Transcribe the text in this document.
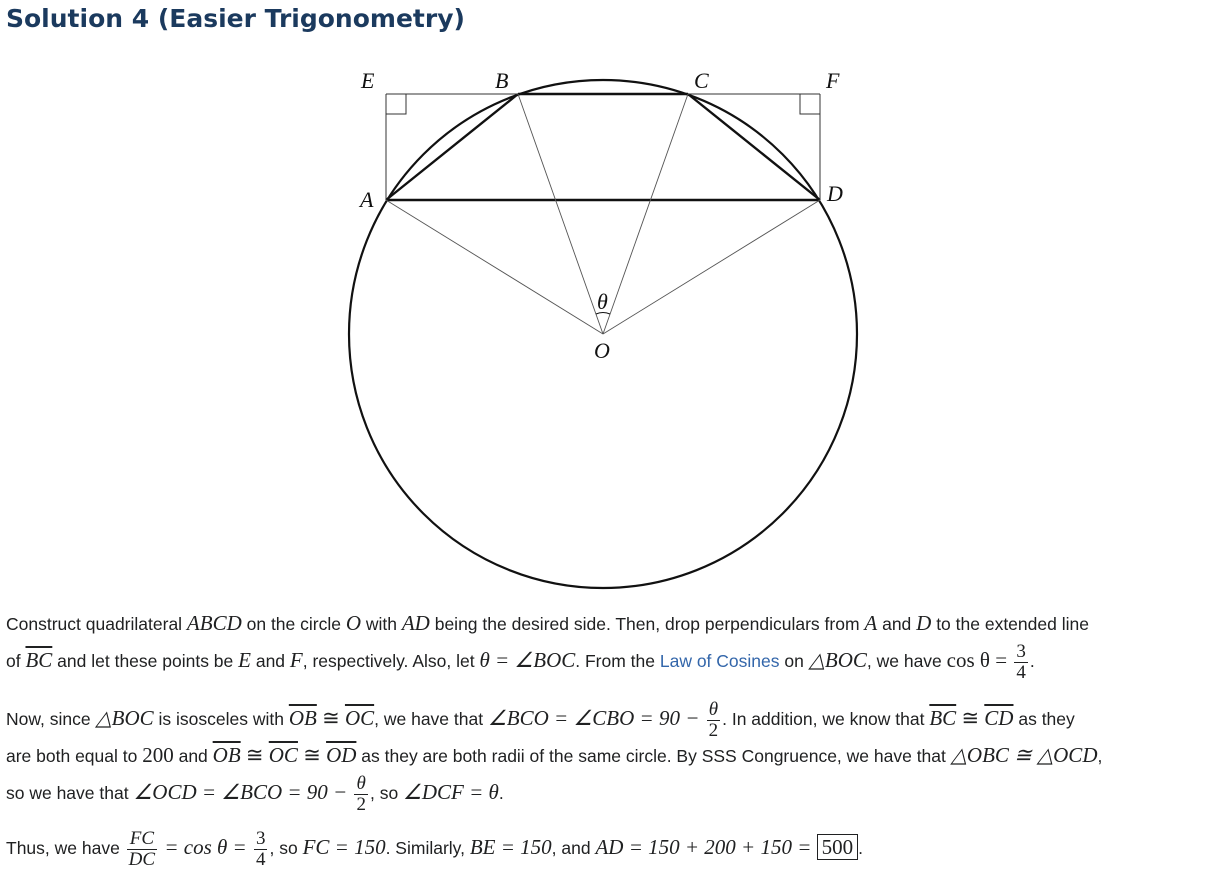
Solution 4 (Easier Trigonometry)
E	B	C	F
A	D
θ
O

Construct quadrilateral ABCD on the circle O with AD being the desired side. Then, drop perpendiculars from A and D to the extended line

of $\overline{BC}$ and let these points be E and F, respectively. Also, let θ = ∠BOC. From the Law of Cosines on △BOC, we have $\cos \theta = \frac{3}{4}$ .

Now, since △BOC is isosceles with $\overline{OB}$ ≅ $\overline{OC}$, we have that ∠BCO = ∠CBO = $90 - \frac{\theta}{2}$ . In addition, we know that $\overline{BC}$ ≅ $\overline{CD}$ as they

are both equal to 200 and $\overline{OB}$ ≅ $\overline{OC}$ ≅ $\overline{OD}$ as they are both radii of the same circle. By SSS Congruence, we have that △OBC ≅ △OCD,

so we have that ∠OCD = ∠BCO = $90 - \frac{\theta}{2}$ , so ∠DCF = θ.

Thus, we have $\frac{FC}{DC} = \cos \theta = \frac{3}{4}$ , so FC = 150. Similarly, BE = 150, and AD = 150 + 200 + 150 = 500 .
